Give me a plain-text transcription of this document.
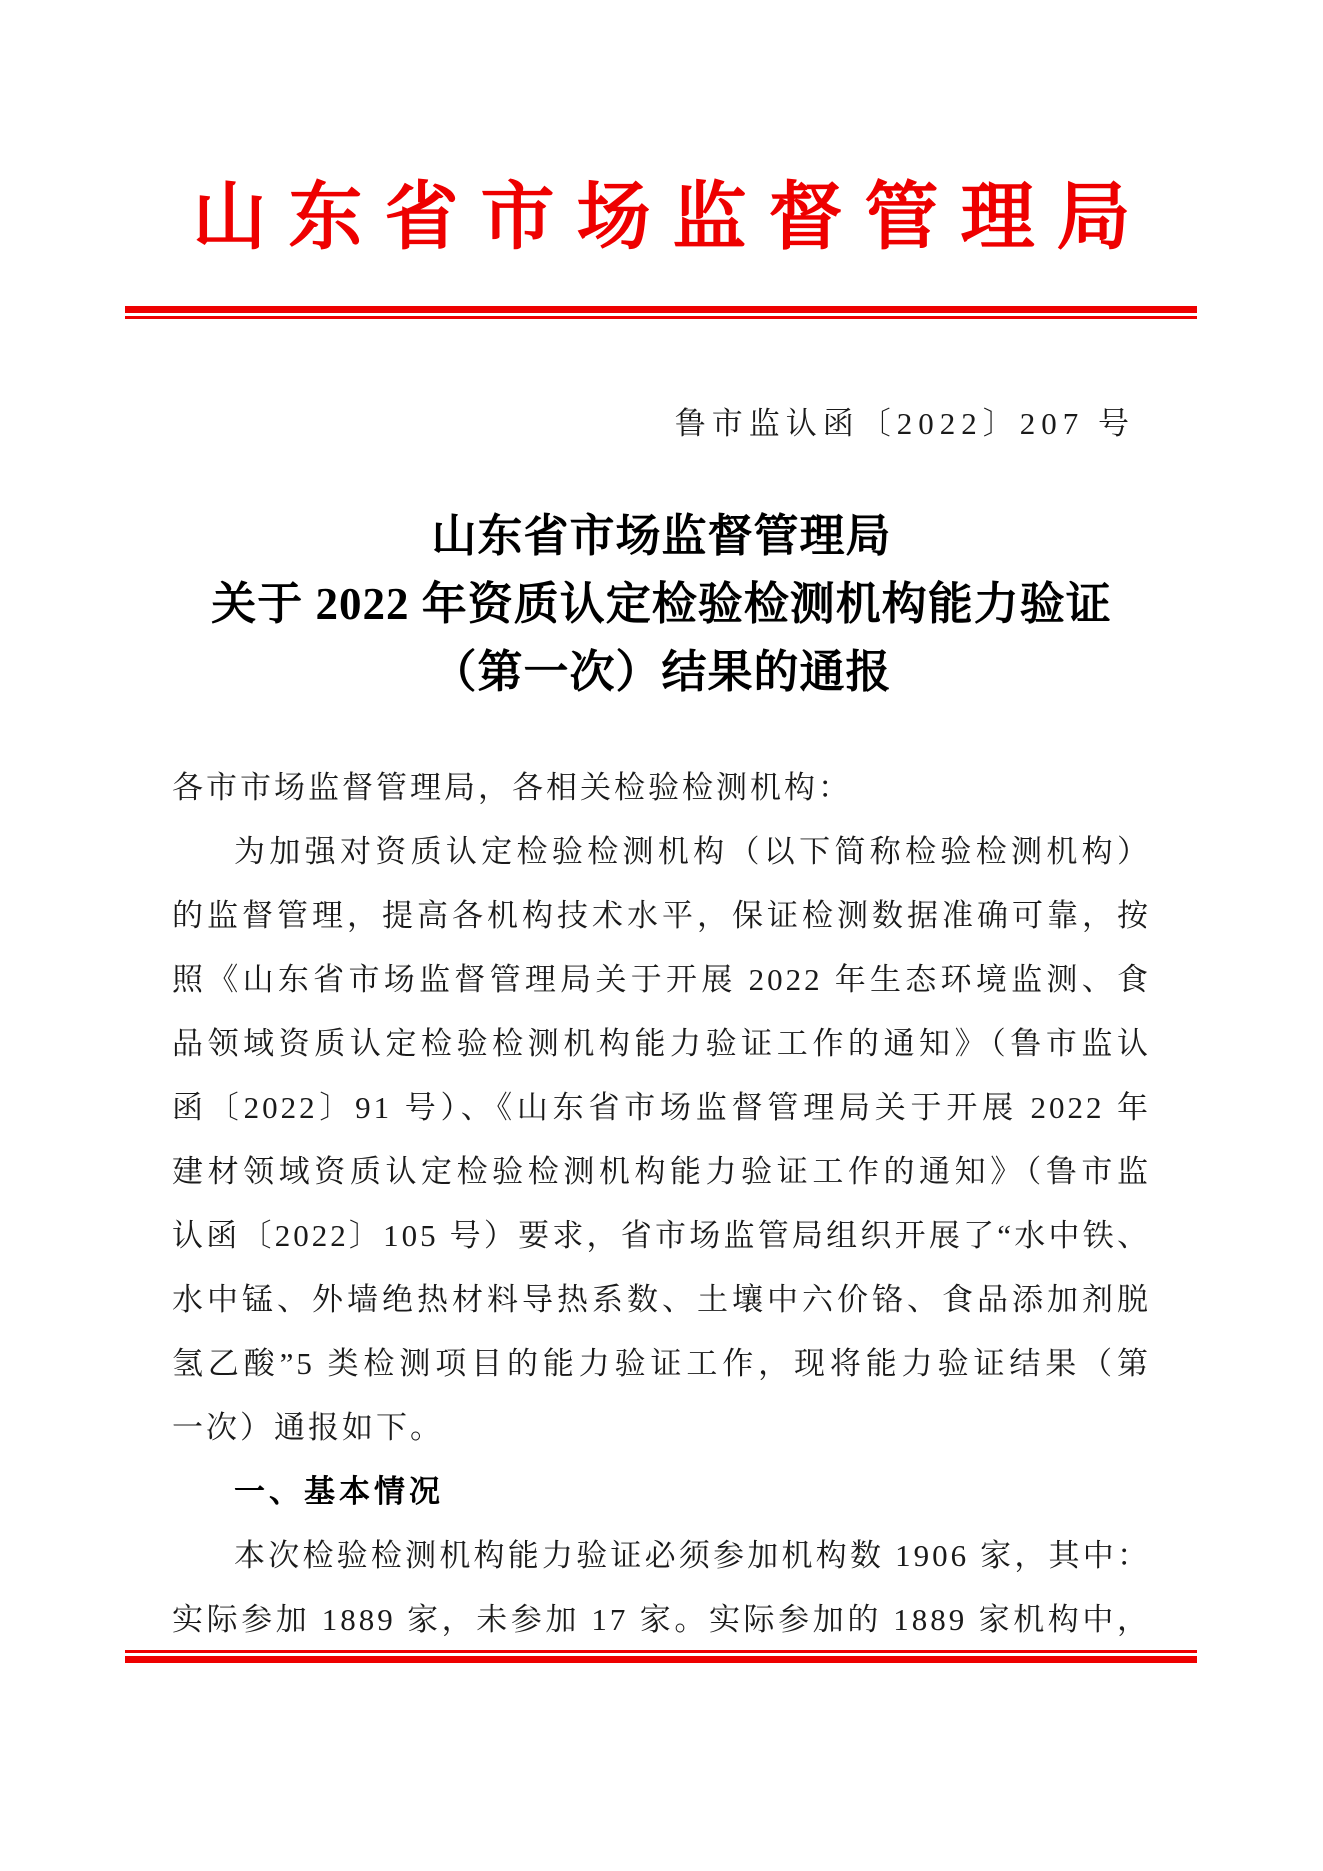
山东省市场监督管理局
鲁市监认函〔2022〕207 号
山东省市场监督管理局
关于 2022 年资质认定检验检测机构能力验证
（第一次）结果的通报
各市市场监督管理局，各相关检验检测机构：
为加强对资质认定检验检测机构（以下简称检验检测机构）
的监督管理，提高各机构技术水平，保证检测数据准确可靠，按
照《山东省市场监督管理局关于开展 2022 年生态环境监测、食
品领域资质认定检验检测机构能力验证工作的通知》（鲁市监认
函〔2022〕91 号）、《山东省市场监督管理局关于开展 2022 年
建材领域资质认定检验检测机构能力验证工作的通知》（鲁市监
认函〔2022〕105 号）要求，省市场监管局组织开展了“水中铁、
水中锰、外墙绝热材料导热系数、土壤中六价铬、食品添加剂脱
氢乙酸”5 类检测项目的能力验证工作，现将能力验证结果（第
一次）通报如下。
一、基本情况
本次检验检测机构能力验证必须参加机构数 1906 家，其中：
实际参加 1889 家，未参加 17 家。实际参加的 1889 家机构中，
